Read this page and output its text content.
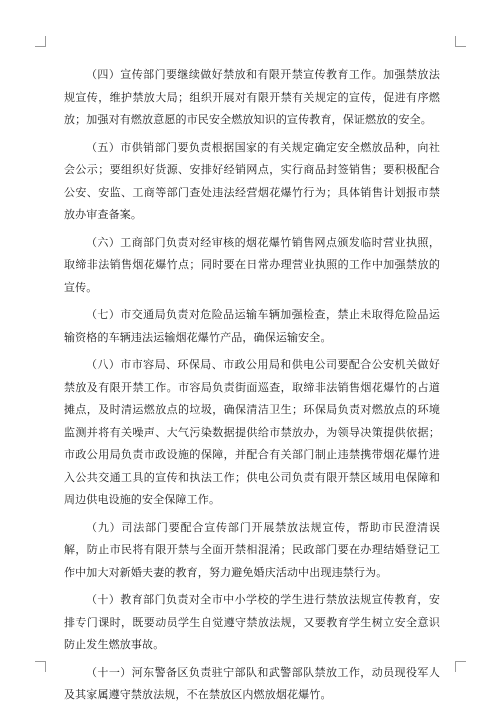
（四）宣传部门要继续做好禁放和有限开禁宣传教育工作。加强禁放法规宣传，维护禁放大局；组织开展对有限开禁有关规定的宣传，促进有序燃放；加强对有燃放意愿的市民安全燃放知识的宣传教育，保证燃放的安全。

（五）市供销部门要负责根据国家的有关规定确定安全燃放品种，向社会公示；要组织好货源、安排好经销网点，实行商品封签销售；要积极配合公安、安监、工商等部门查处违法经营烟花爆竹行为；具体销售计划报市禁放办审查备案。

（六）工商部门负责对经审核的烟花爆竹销售网点颁发临时营业执照，取缔非法销售烟花爆竹点；同时要在日常办理营业执照的工作中加强禁放的宣传。

（七）市交通局负责对危险品运输车辆加强检查，禁止未取得危险品运输资格的车辆违法运输烟花爆竹产品，确保运输安全。

（八）市市容局、环保局、市政公用局和供电公司要配合公安机关做好禁放及有限开禁工作。市容局负责街面巡查，取缔非法销售烟花爆竹的占道摊点，及时清运燃放点的垃圾，确保清洁卫生；环保局负责对燃放点的环境监测并将有关噪声、大气污染数据提供给市禁放办，为领导决策提供依据；市政公用局负责市政设施的保障，并配合有关部门制止违禁携带烟花爆竹进入公共交通工具的宣传和执法工作；供电公司负责有限开禁区域用电保障和周边供电设施的安全保障工作。

（九）司法部门要配合宣传部门开展禁放法规宣传，帮助市民澄清误解，防止市民将有限开禁与全面开禁相混淆；民政部门要在办理结婚登记工作中加大对新婚夫妻的教育，努力避免婚庆活动中出现违禁行为。

（十）教育部门负责对全市中小学校的学生进行禁放法规宣传教育，安排专门课时，既要动员学生自觉遵守禁放法规，又要教育学生树立安全意识防止发生燃放事故。

（十一）河东警备区负责驻宁部队和武警部队禁放工作，动员现役军人及其家属遵守禁放法规，不在禁放区内燃放烟花爆竹。
